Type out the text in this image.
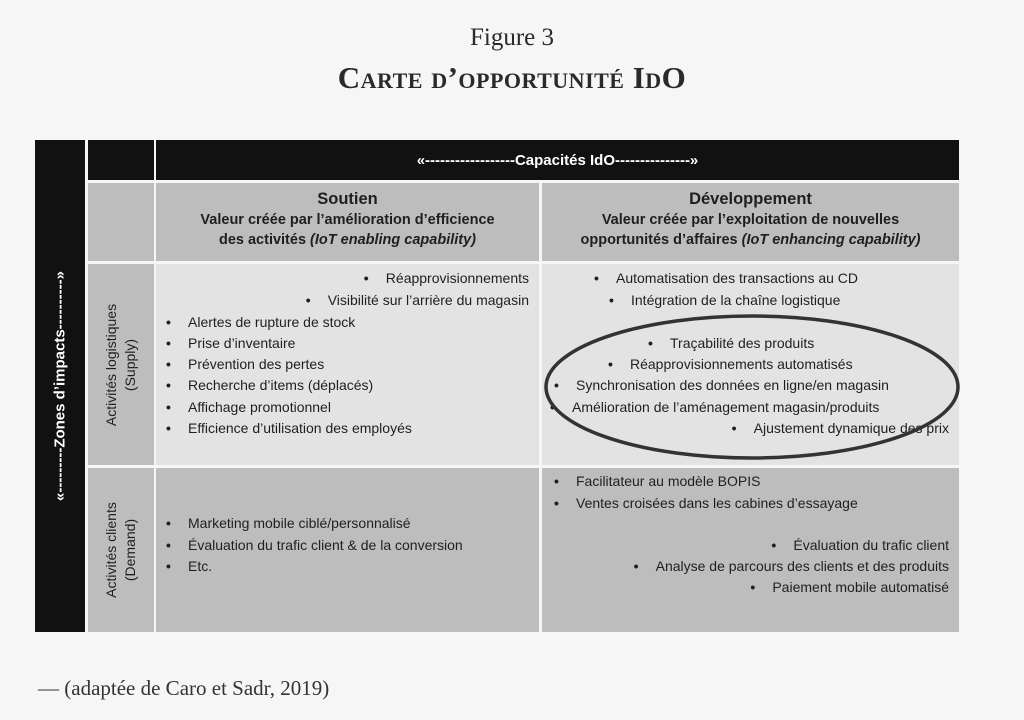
Figure 3
Carte d’opportunité IdO
«---------Zones d’impacts----------»
«------------------Capacités IdO---------------»
Soutien
Valeur créée par l’amélioration d’efficience
des activités (IoT enabling capability)
Développement
Valeur créée par l’exploitation de nouvelles
opportunités d’affaires (IoT enhancing capability)
Activités logistiques (Supply)
Activités clients (Demand)
• Réapprovisionnements
• Visibilité sur l’arrière du magasin
• Alertes de rupture de stock
• Prise d’inventaire
• Prévention des pertes
• Recherche d’items (déplacés)
• Affichage promotionnel
• Efficience d’utilisation des employés
• Automatisation des transactions au CD
• Intégration de la chaîne logistique
• Traçabilité des produits
• Réapprovisionnements automatisés
• Synchronisation des données en ligne/en magasin
• Amélioration de l’aménagement magasin/produits
• Ajustement dynamique des prix
• Marketing mobile ciblé/personnalisé
• Évaluation du trafic client & de la conversion
• Etc.
• Facilitateur au modèle BOPIS
• Ventes croisées dans les cabines d’essayage
• Évaluation du trafic client
• Analyse de parcours des clients et des produits
• Paiement mobile automatisé
— (adaptée de Caro et Sadr, 2019)
